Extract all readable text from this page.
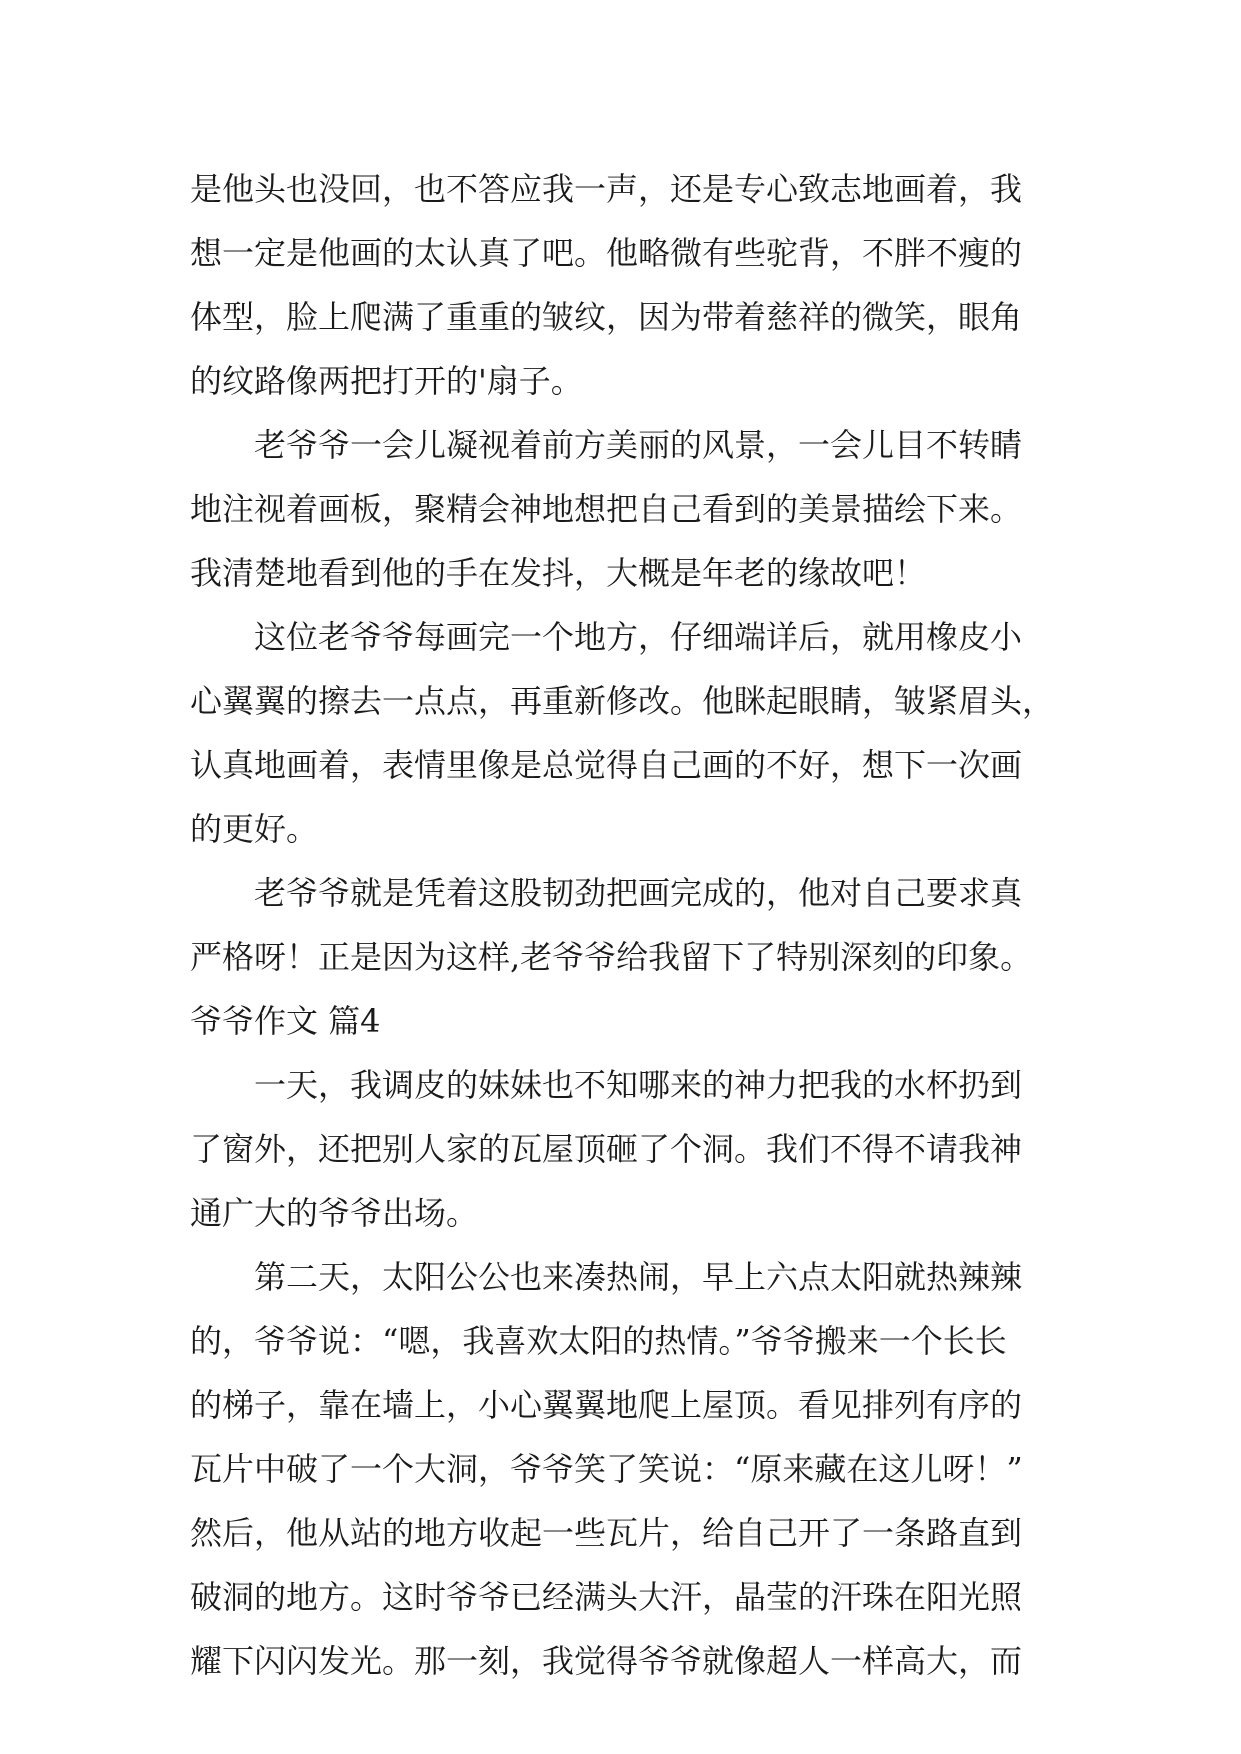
是他头也没回，也不答应我一声，还是专心致志地画着，我
想一定是他画的太认真了吧。他略微有些驼背，不胖不瘦的
体型，脸上爬满了重重的皱纹，因为带着慈祥的微笑，眼角
的纹路像两把打开的'扇子。
老爷爷一会儿凝视着前方美丽的风景，一会儿目不转睛
地注视着画板，聚精会神地想把自己看到的美景描绘下来。
我清楚地看到他的手在发抖，大概是年老的缘故吧！
这位老爷爷每画完一个地方，仔细端详后，就用橡皮小
心翼翼的擦去一点点，再重新修改。他眯起眼睛，皱紧眉头，
认真地画着，表情里像是总觉得自己画的不好，想下一次画
的更好。
老爷爷就是凭着这股韧劲把画完成的，他对自己要求真
严格呀！正是因为这样,老爷爷给我留下了特别深刻的印象。
爷爷作文 篇4
一天，我调皮的妹妹也不知哪来的神力把我的水杯扔到
了窗外，还把别人家的瓦屋顶砸了个洞。我们不得不请我神
通广大的爷爷出场。
第二天，太阳公公也来凑热闹，早上六点太阳就热辣辣
的，爷爷说：“嗯，我喜欢太阳的热情。”爷爷搬来一个长长
的梯子，靠在墙上，小心翼翼地爬上屋顶。看见排列有序的
瓦片中破了一个大洞，爷爷笑了笑说：“原来藏在这儿呀！”
然后，他从站的地方收起一些瓦片，给自己开了一条路直到
破洞的地方。这时爷爷已经满头大汗，晶莹的汗珠在阳光照
耀下闪闪发光。那一刻，我觉得爷爷就像超人一样高大，而
